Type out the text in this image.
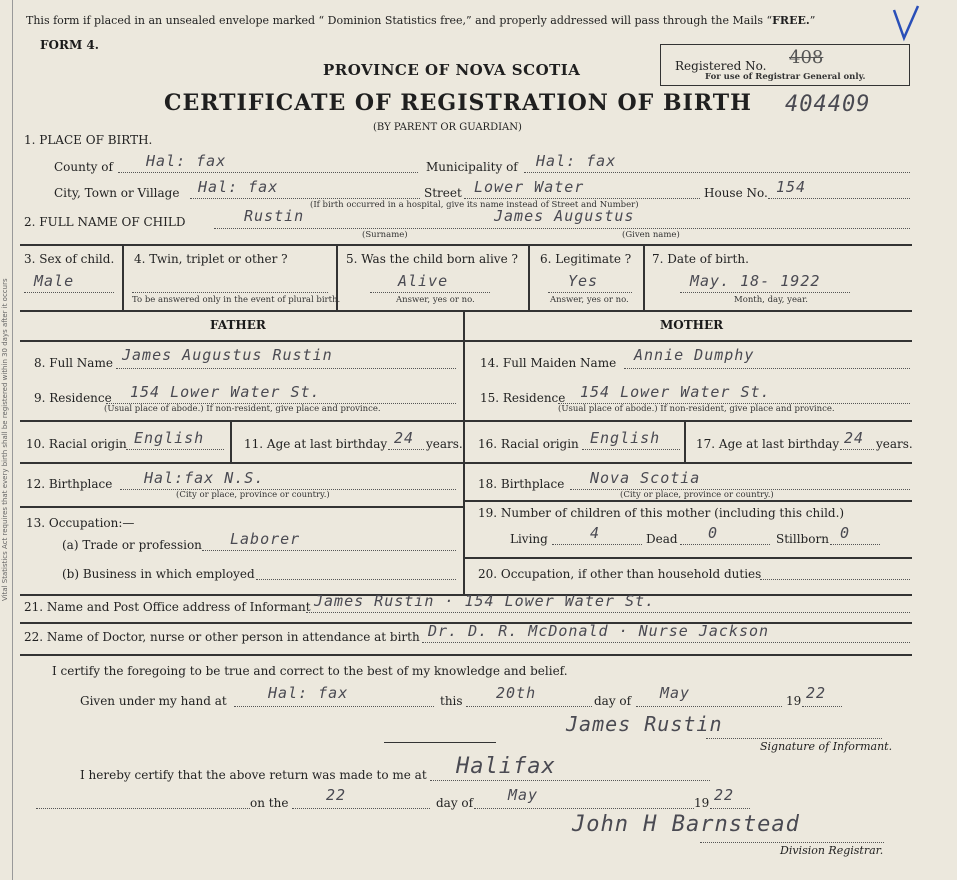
Vital Statistics Act requires that every birth shall be registered within 30 days after it occurs
This form if placed in an unsealed envelope marked “ Dominion Statistics free,” and properly addressed will pass through the Mails “FREE.”
FORM 4.
PROVINCE OF NOVA SCOTIA	Registered No. 408
For use of Registrar General only.
CERTIFICATE OF REGISTRATION OF BIRTH 404409
(BY PARENT OR GUARDIAN)
1. PLACE OF BIRTH.
County of Hal: fax	Municipality of Hal: fax
City, Town or Village Hal: fax	Street Lower Water	House No. 154
(If birth occurred in a hospital, give its name instead of Street and Number)
2. FULL NAME OF CHILD	Rustin	James Augustus
(Surname)	(Given name)
3. Sex of child.
Male
4. Twin, triplet or other ?
To be answered only in the event of plural birth.
5. Was the child born alive ?
Alive
Answer, yes or no.
6. Legitimate ?
Yes
Answer, yes or no.
7. Date of birth.
May. 18- 1922
Month, day, year.
FATHER	MOTHER
8. Full Name James Augustus Rustin
9. Residence 154 Lower Water St.
(Usual place of abode.) If non-resident, give place and province.
10. Racial origin English	11. Age at last birthday 24 years.
12. Birthplace Hal:fax N.S.
(City or place, province or country.)
13. Occupation:—
(a) Trade or profession Laborer
(b) Business in which employed
14. Full Maiden Name Annie Dumphy
15. Residence 154 Lower Water St.
(Usual place of abode.) If non-resident, give place and province.
16. Racial origin English	17. Age at last birthday 24 years.
18. Birthplace Nova Scotia
(City or place, province or country.)
19. Number of children of this mother (including this child.)
Living	4	Dead 0	Stillborn 0
20. Occupation, if other than household duties
21. Name and Post Office address of Informant James Rustin · 154 Lower Water St.
22. Name of Doctor, nurse or other person in attendance at birth Dr. D. R. McDonald · Nurse Jackson
I certify the foregoing to be true and correct to the best of my knowledge and belief.
Given under my hand at	Hal: fax	this 20th	day of May	19 22
James Rustin
Signature of Informant.
I hereby certify that the above return was made to me at Halifax
on the	22	day of May	19 22
John H Barnstead
Division Registrar.
